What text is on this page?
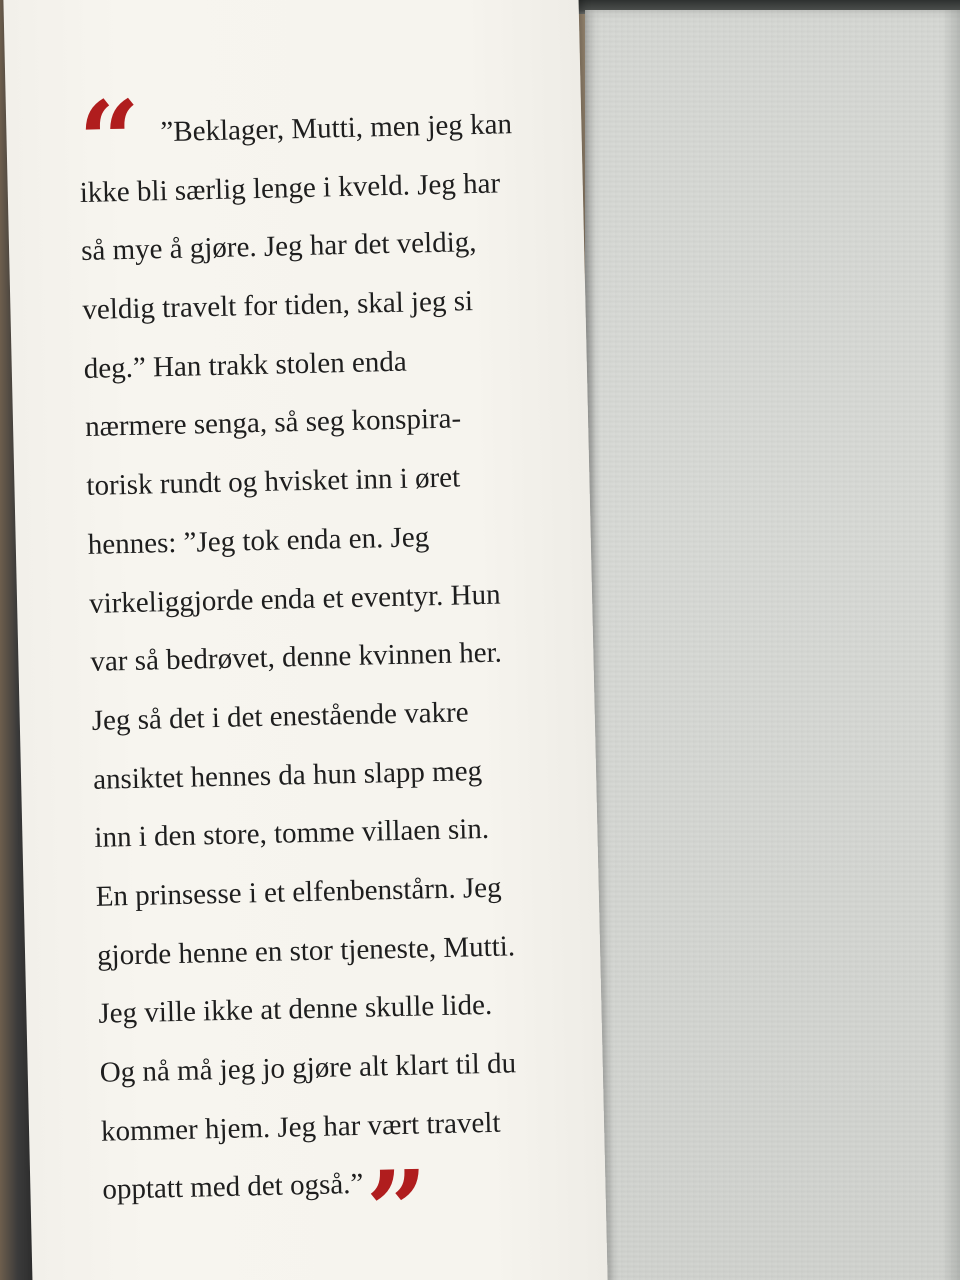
“ ”Beklager, Mutti, men jeg kan
ikke bli særlig lenge i kveld. Jeg har
så mye å gjøre. Jeg har det veldig,
veldig travelt for tiden, skal jeg si
deg.” Han trakk stolen enda
nærmere senga, så seg konspira-
torisk rundt og hvisket inn i øret
hennes: ”Jeg tok enda en. Jeg
virkeliggjorde enda et eventyr. Hun
var så bedrøvet, denne kvinnen her.
Jeg så det i det enestående vakre
ansiktet hennes da hun slapp meg
inn i den store, tomme villaen sin.
En prinsesse i et elfenbenstårn. Jeg
gjorde henne en stor tjeneste, Mutti.
Jeg ville ikke at denne skulle lide.
Og nå må jeg jo gjøre alt klart til du
kommer hjem. Jeg har vært travelt
opptatt med det også.” ”
